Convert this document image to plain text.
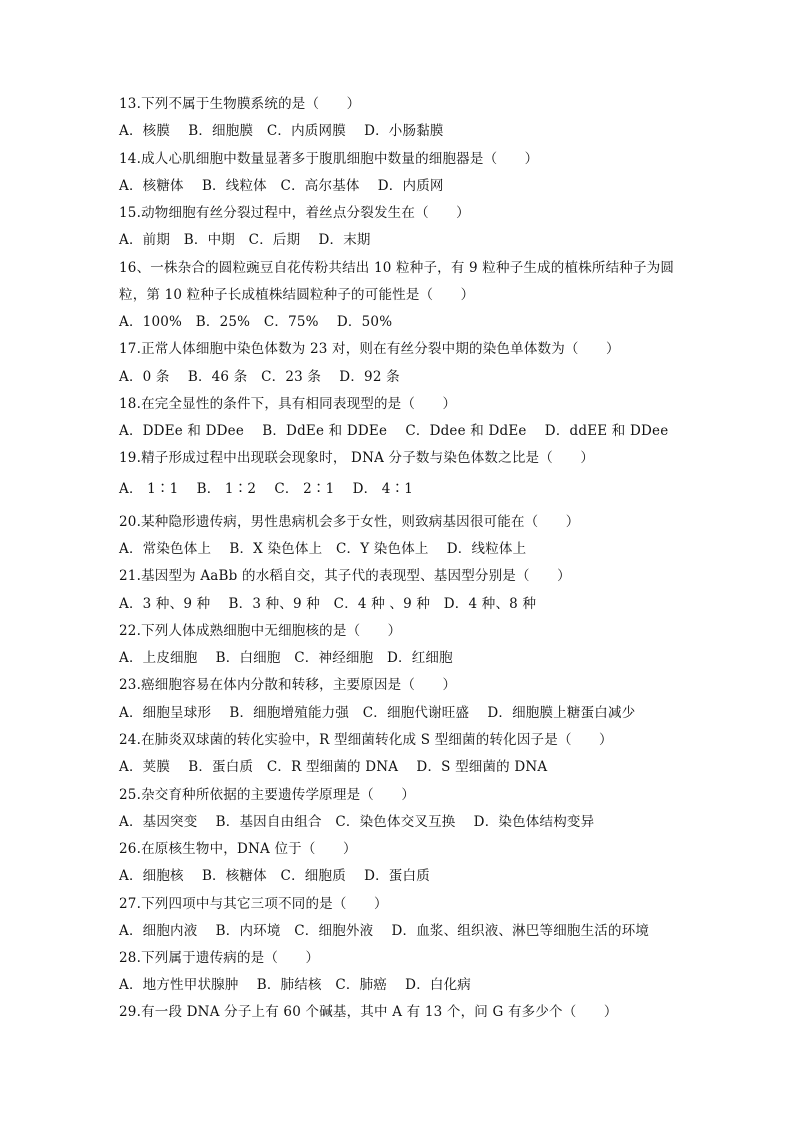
13.下列不属于生物膜系统的是（　　）
A．核膜　 B．细胞膜　C．内质网膜　 D．小肠黏膜
14.成人心肌细胞中数量显著多于腹肌细胞中数量的细胞器是（　　）
A．核糖体　 B．线粒体　C．高尔基体　 D．内质网
15.动物细胞有丝分裂过程中，着丝点分裂发生在（　　）
A．前期　B．中期　C．后期　 D．末期
16、一株杂合的圆粒豌豆自花传粉共结出 10 粒种子，有 9 粒种子生成的植株所结种子为圆
粒，第 10 粒种子长成植株结圆粒种子的可能性是（　　）
A．100%　B．25%　C．75%　 D．50%
17.正常人体细胞中染色体数为 23 对，则在有丝分裂中期的染色单体数为（　　）
A．0 条　 B．46 条　C．23 条　 D．92 条
18.在完全显性的条件下，具有相同表现型的是（　　）
A．DDEe 和 DDee　 B．DdEe 和 DDEe　 C．Ddee 和 DdEe　 D．ddEE 和 DDee
19.精子形成过程中出现联会现象时， DNA 分子数与染色体数之比是（　　）
A． 1∶1　 B． 1∶2　 C． 2∶1　 D． 4∶1
20.某种隐形遗传病，男性患病机会多于女性，则致病基因很可能在（　　）
A．常染色体上　 B．X 染色体上　C．Y 染色体上　 D．线粒体上
21.基因型为 AaBb 的水稻自交，其子代的表现型、基因型分别是（　　）
A．3 种、9 种　 B．3 种、9 种　C．4 种 、9 种　D．4 种、8 种
22.下列人体成熟细胞中无细胞核的是（　　）
A．上皮细胞　 B．白细胞　C．神经细胞　D．红细胞
23.癌细胞容易在体内分散和转移，主要原因是（　　）
A．细胞呈球形　 B．细胞增殖能力强　C．细胞代谢旺盛　 D．细胞膜上糖蛋白减少
24.在肺炎双球菌的转化实验中，R 型细菌转化成 S 型细菌的转化因子是（　　）
A．荚膜　 B．蛋白质　C．R 型细菌的 DNA　 D．S 型细菌的 DNA
25.杂交育种所依据的主要遗传学原理是（　　）
A．基因突变　 B．基因自由组合　C．染色体交叉互换　 D．染色体结构变异
26.在原核生物中，DNA 位于（　　）
A．细胞核　 B．核糖体　C．细胞质　 D．蛋白质
27.下列四项中与其它三项不同的是（　　）
A．细胞内液　 B．内环境　C．细胞外液　 D．血浆、组织液、淋巴等细胞生活的环境
28.下列属于遗传病的是（　　）
A．地方性甲状腺肿　 B．肺结核　C．肺癌　 D．白化病
29.有一段 DNA 分子上有 60 个碱基，其中 A 有 13 个，问 G 有多少个（　　）
